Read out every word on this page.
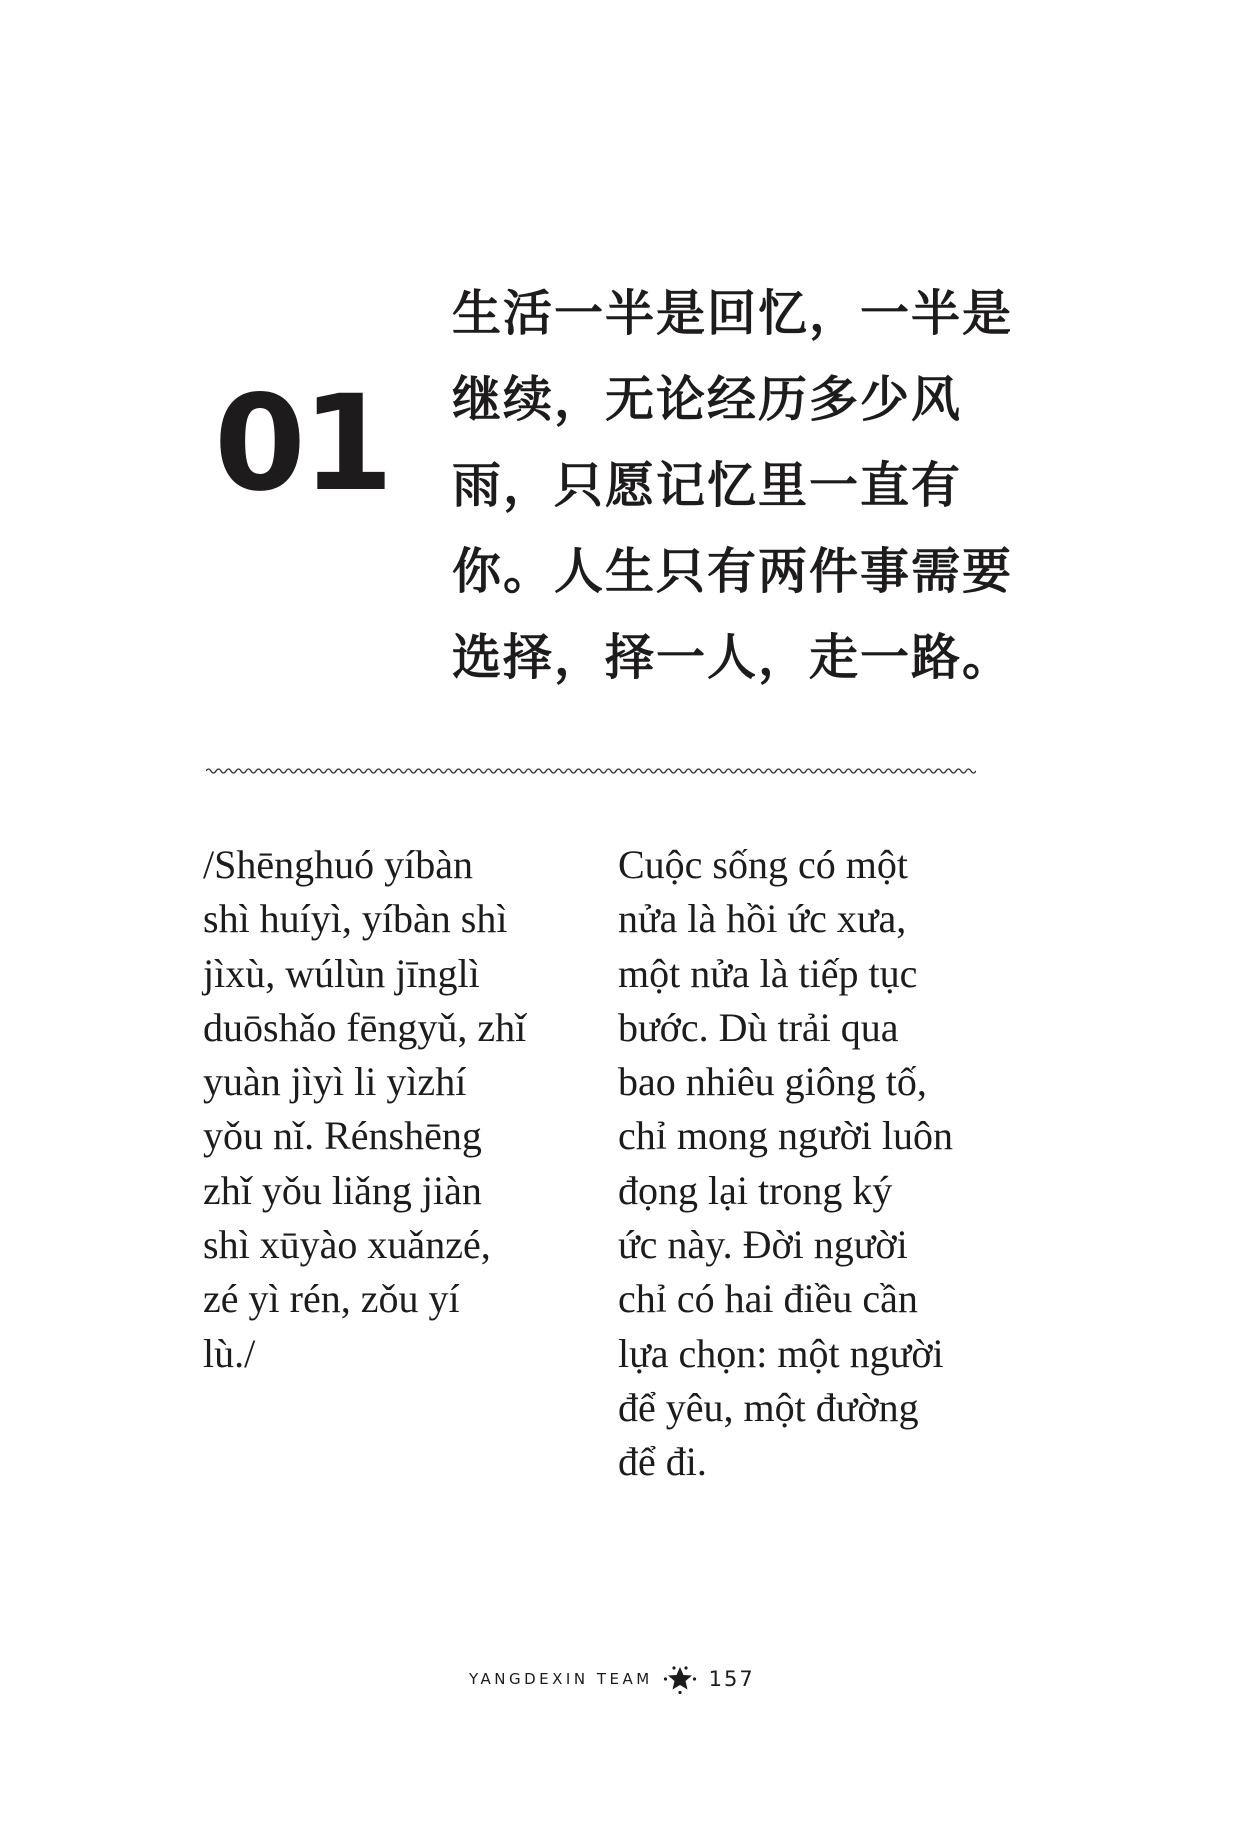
01
生活一半是回忆，一半是
继续，无论经历多少风
雨，只愿记忆里一直有
你。人生只有两件事需要
选择，择一人，走一路。
/Shēnghuó yíbàn
shì huíyì, yíbàn shì
jìxù, wúlùn jīnglì
duōshǎo fēngyǔ, zhǐ
yuàn jìyì li yìzhí
yǒu nǐ. Rénshēng
zhǐ yǒu liǎng jiàn
shì xūyào xuǎnzé,
zé yì rén, zǒu yí
lù./
Cuộc sống có một
nửa là hồi ức xưa,
một nửa là tiếp tục
bước. Dù trải qua
bao nhiêu giông tố,
chỉ mong người luôn
đọng lại trong ký
ức này. Đời người
chỉ có hai điều cần
lựa chọn: một người
để yêu, một đường
để đi.
YANGDEXIN TEAM	157
